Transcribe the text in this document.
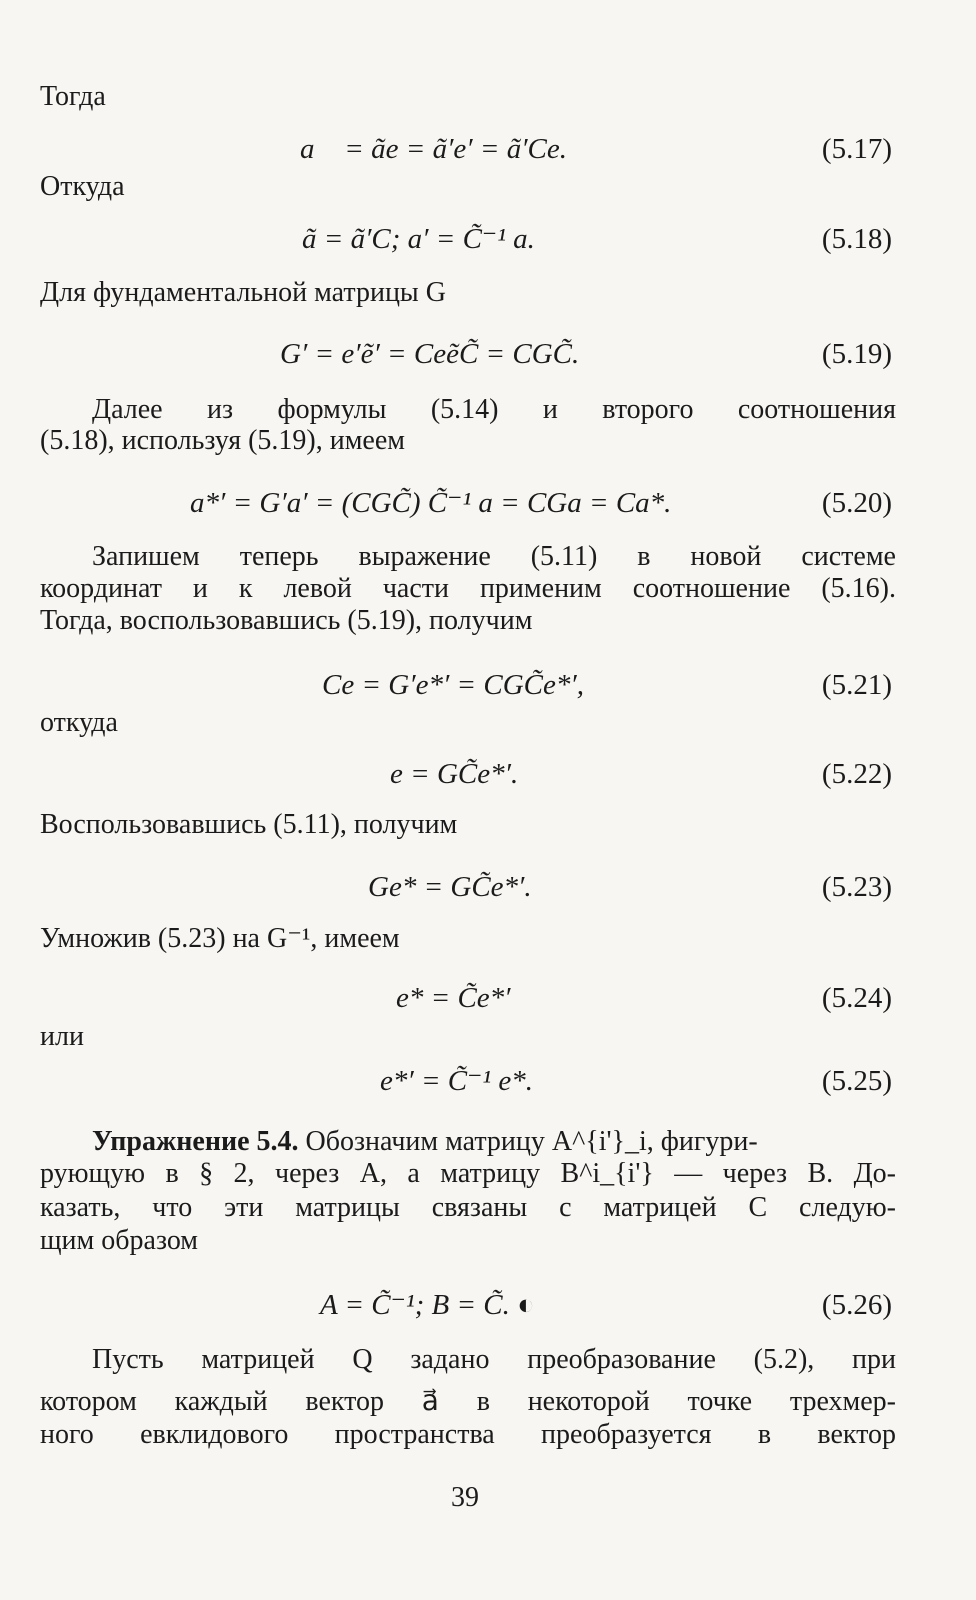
Тогда
a⃗ = ãe = ã′e′ = ã′Ce.	(5.17)
Откуда
ã = ã′C; a′ = C̃⁻¹ a.	(5.18)
Для фундаментальной матрицы G
G′ = e′ẽ′ = CeẽC̃ = CGC̃.	(5.19)
Далее из формулы (5.14) и второго соотношения
(5.18), используя (5.19), имеем
a*′ = G′a′ = (CGC̃) C̃⁻¹ a = CGa = Ca*.	(5.20)
Запишем теперь выражение (5.11) в новой системе
координат и к левой части применим соотношение (5.16).
Тогда, воспользовавшись (5.19), получим
Ce = G′e*′ = CGC̃e*′,	(5.21)
откуда
e = GC̃e*′.	(5.22)
Воспользовавшись (5.11), получим
Ge* = GC̃e*′.	(5.23)
Умножив (5.23) на G⁻¹, имеем
e* = C̃e*′	(5.24)
или
e*′ = C̃⁻¹ e*.	(5.25)
Упражнение 5.4. Обозначим матрицу A^{i'}_i, фигури-
рующую в § 2, через A, а матрицу B^i_{i'} — через B. До-
казать, что эти матрицы связаны с матрицей C следую-
щим образом
A = C̃⁻¹; B = C̃. ◐	(5.26)
Пусть матрицей Q задано преобразование (5.2), при
котором каждый вектор a⃗ в некоторой точке трехмер-
ного евклидового пространства преобразуется в вектор
39
